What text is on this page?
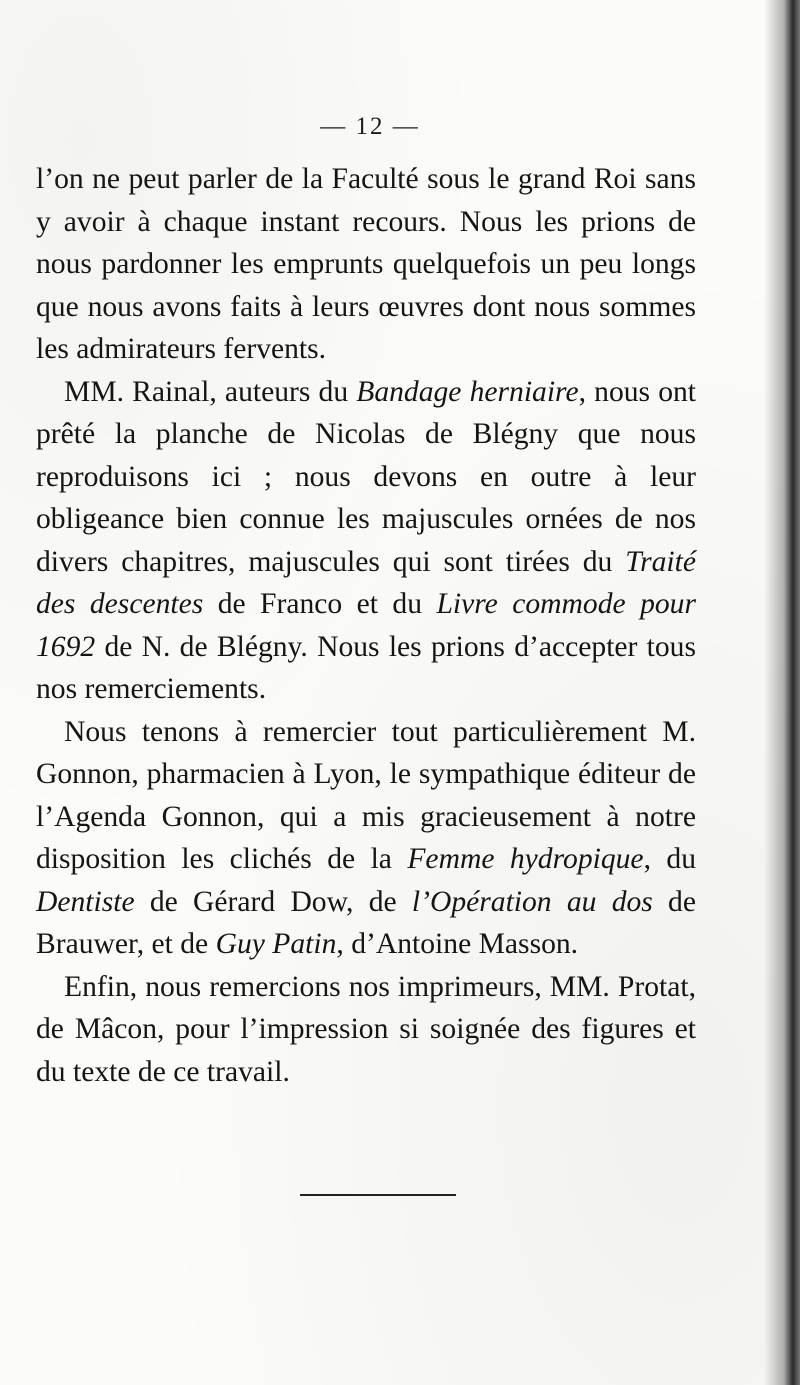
— 12 —

l’on ne peut parler de la Faculté sous le grand Roi sans y avoir à chaque instant recours. Nous les prions de nous pardonner les emprunts quelquefois un peu longs que nous avons faits à leurs œuvres dont nous sommes les admirateurs fervents.

MM. Rainal, auteurs du Bandage herniaire, nous ont prêté la planche de Nicolas de Blégny que nous reproduisons ici ; nous devons en outre à leur obligeance bien connue les majuscules ornées de nos divers chapitres, majuscules qui sont tirées du Traité des descentes de Franco et du Livre commode pour 1692 de N. de Blégny. Nous les prions d’accepter tous nos remerciements.

Nous tenons à remercier tout particulièrement M. Gonnon, pharmacien à Lyon, le sympathique éditeur de l’Agenda Gonnon, qui a mis gracieusement à notre disposition les clichés de la Femme hydropique, du Dentiste de Gérard Dow, de l’Opération au dos de Brauwer, et de Guy Patin, d’Antoine Masson.

Enfin, nous remercions nos imprimeurs, MM. Protat, de Mâcon, pour l’impression si soignée des figures et du texte de ce travail.
